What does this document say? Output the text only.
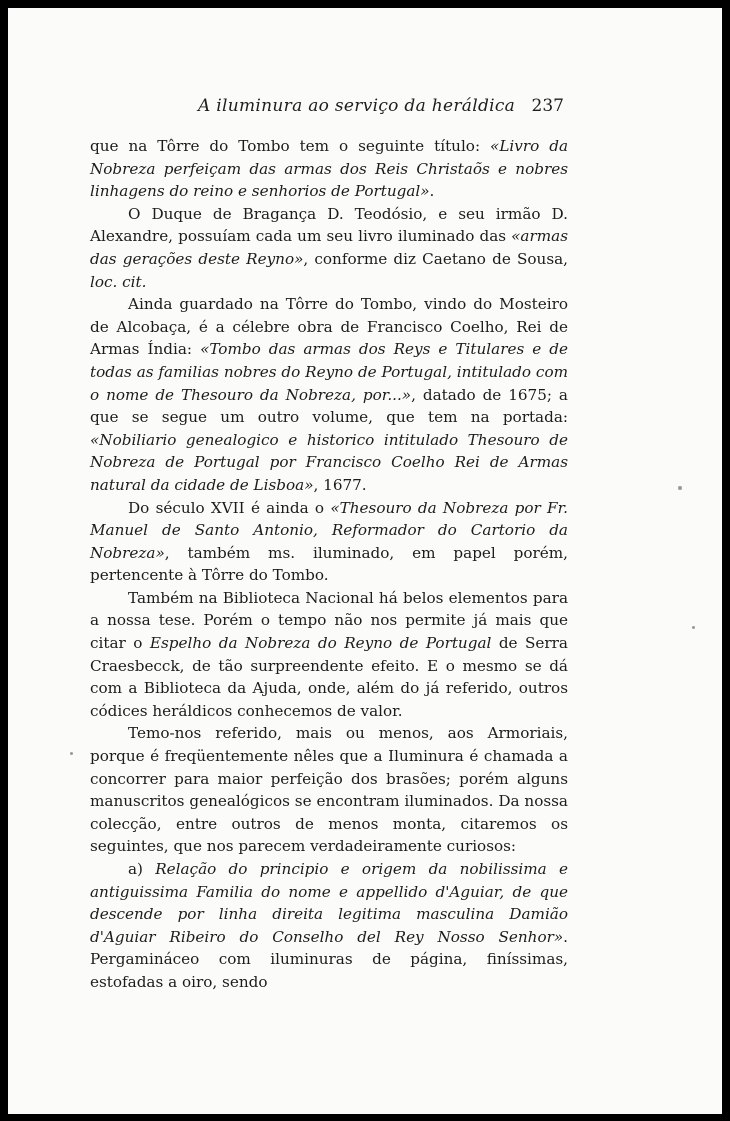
A iluminura ao serviço da heráldica 237

que na Tôrre do Tombo tem o seguinte título: «Livro da Nobreza perfeiçam das armas dos Reis Christaõs e nobres linhagens do reino e senhorios de Portugal».

O Duque de Bragança D. Teodósio, e seu irmão D. Alexandre, possuíam cada um seu livro iluminado das «armas das gerações deste Reyno», conforme diz Caetano de Sousa, loc. cit.

Ainda guardado na Tôrre do Tombo, vindo do Mosteiro de Alcobaça, é a célebre obra de Francisco Coelho, Rei de Armas Índia: «Tombo das armas dos Reys e Titulares e de todas as familias nobres do Reyno de Portugal, intitulado com o nome de Thesouro da Nobreza, por...», datado de 1675; a que se segue um outro volume, que tem na portada: «Nobiliario genealogico e historico intitulado Thesouro de Nobreza de Portugal por Francisco Coelho Rei de Armas natural da cidade de Lisboa», 1677.

Do século XVII é ainda o «Thesouro da Nobreza por Fr. Manuel de Santo Antonio, Reformador do Cartorio da Nobreza», também ms. iluminado, em papel porém, pertencente à Tôrre do Tombo.

Também na Biblioteca Nacional há belos elementos para a nossa tese. Porém o tempo não nos permite já mais que citar o Espelho da Nobreza do Reyno de Portugal de Serra Craesbecck, de tão surpreendente efeito. E o mesmo se dá com a Biblioteca da Ajuda, onde, além do já referido, outros códices heráldicos conhecemos de valor.

Temo-nos referido, mais ou menos, aos Armoriais, porque é freqüentemente nêles que a Iluminura é chamada a concorrer para maior perfeição dos brasões; porém alguns manuscritos genealógicos se encontram iluminados. Da nossa colecção, entre outros de menos monta, citaremos os seguintes, que nos parecem verdadeiramente curiosos:

a) Relação do principio e origem da nobilissima e antiguissima Familia do nome e appellido d'Aguiar, de que descende por linha direita legitima masculina Damião d'Aguiar Ribeiro do Conselho del Rey Nosso Senhor». Pergamináceo com iluminuras de página, finíssimas, estofadas a oiro, sendo
